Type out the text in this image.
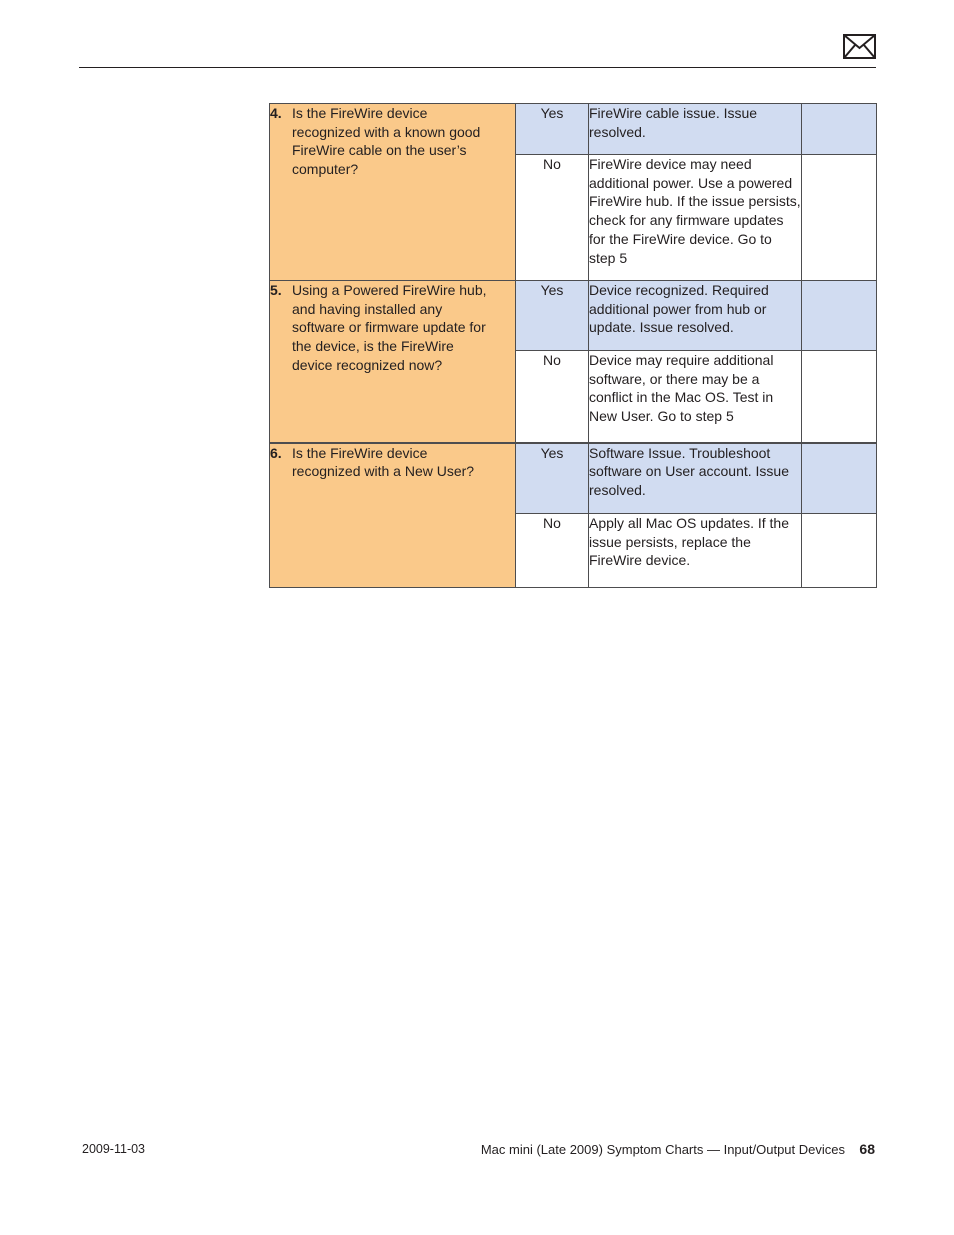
4. Is the FireWire device recognized with a known good FireWire cable on the user’s computer?	Yes	FireWire cable issue. Issue resolved.	
	No	FireWire device may need additional power. Use a powered FireWire hub. If the issue persists, check for any firmware updates for the FireWire device. Go to step 5	
5. Using a Powered FireWire hub, and having installed any software or firmware update for the device, is the FireWire device recognized now?	Yes	Device recognized. Required additional power from hub or update. Issue resolved.	
	No	Device may require additional software, or there may be a conflict in the Mac OS. Test in New User. Go to step 5	
6. Is the FireWire device recognized with a New User?	Yes	Software Issue. Troubleshoot software on User account. Issue resolved.	
	No	Apply all Mac OS updates. If the issue persists, replace the FireWire device.	
2009-11-03	Mac mini (Late 2009) Symptom Charts — Input/Output Devices 68
